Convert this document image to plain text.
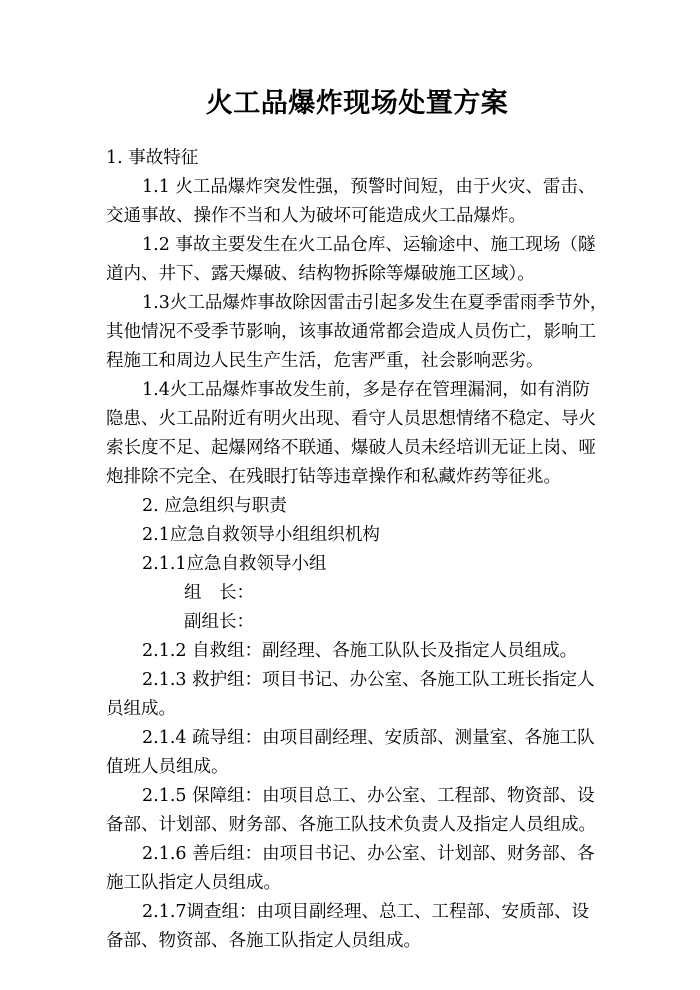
火工品爆炸现场处置方案

1. 事故特征

1.1 火工品爆炸突发性强，预警时间短，由于火灾、雷击、

交通事故、操作不当和人为破坏可能造成火工品爆炸。

1.2 事故主要发生在火工品仓库、运输途中、施工现场（隧

道内、井下、露天爆破、结构物拆除等爆破施工区域）。

1.3火工品爆炸事故除因雷击引起多发生在夏季雷雨季节外，

其他情况不受季节影响，该事故通常都会造成人员伤亡，影响工

程施工和周边人民生产生活，危害严重，社会影响恶劣。

1.4火工品爆炸事故发生前，多是存在管理漏洞，如有消防

隐患、火工品附近有明火出现、看守人员思想情绪不稳定、导火

索长度不足、起爆网络不联通、爆破人员未经培训无证上岗、哑

炮排除不完全、在残眼打钻等违章操作和私藏炸药等征兆。

2. 应急组织与职责

2.1应急自救领导小组组织机构

2.1.1应急自救领导小组

组　长：

副组长：

2.1.2 自救组：副经理、各施工队队长及指定人员组成。

2.1.3 救护组：项目书记、办公室、各施工队工班长指定人

员组成。

2.1.4 疏导组：由项目副经理、安质部、测量室、各施工队

值班人员组成。

2.1.5 保障组：由项目总工、办公室、工程部、物资部、设

备部、计划部、财务部、各施工队技术负责人及指定人员组成。

2.1.6 善后组：由项目书记、办公室、计划部、财务部、各

施工队指定人员组成。

2.1.7调查组：由项目副经理、总工、工程部、安质部、设

备部、物资部、各施工队指定人员组成。
